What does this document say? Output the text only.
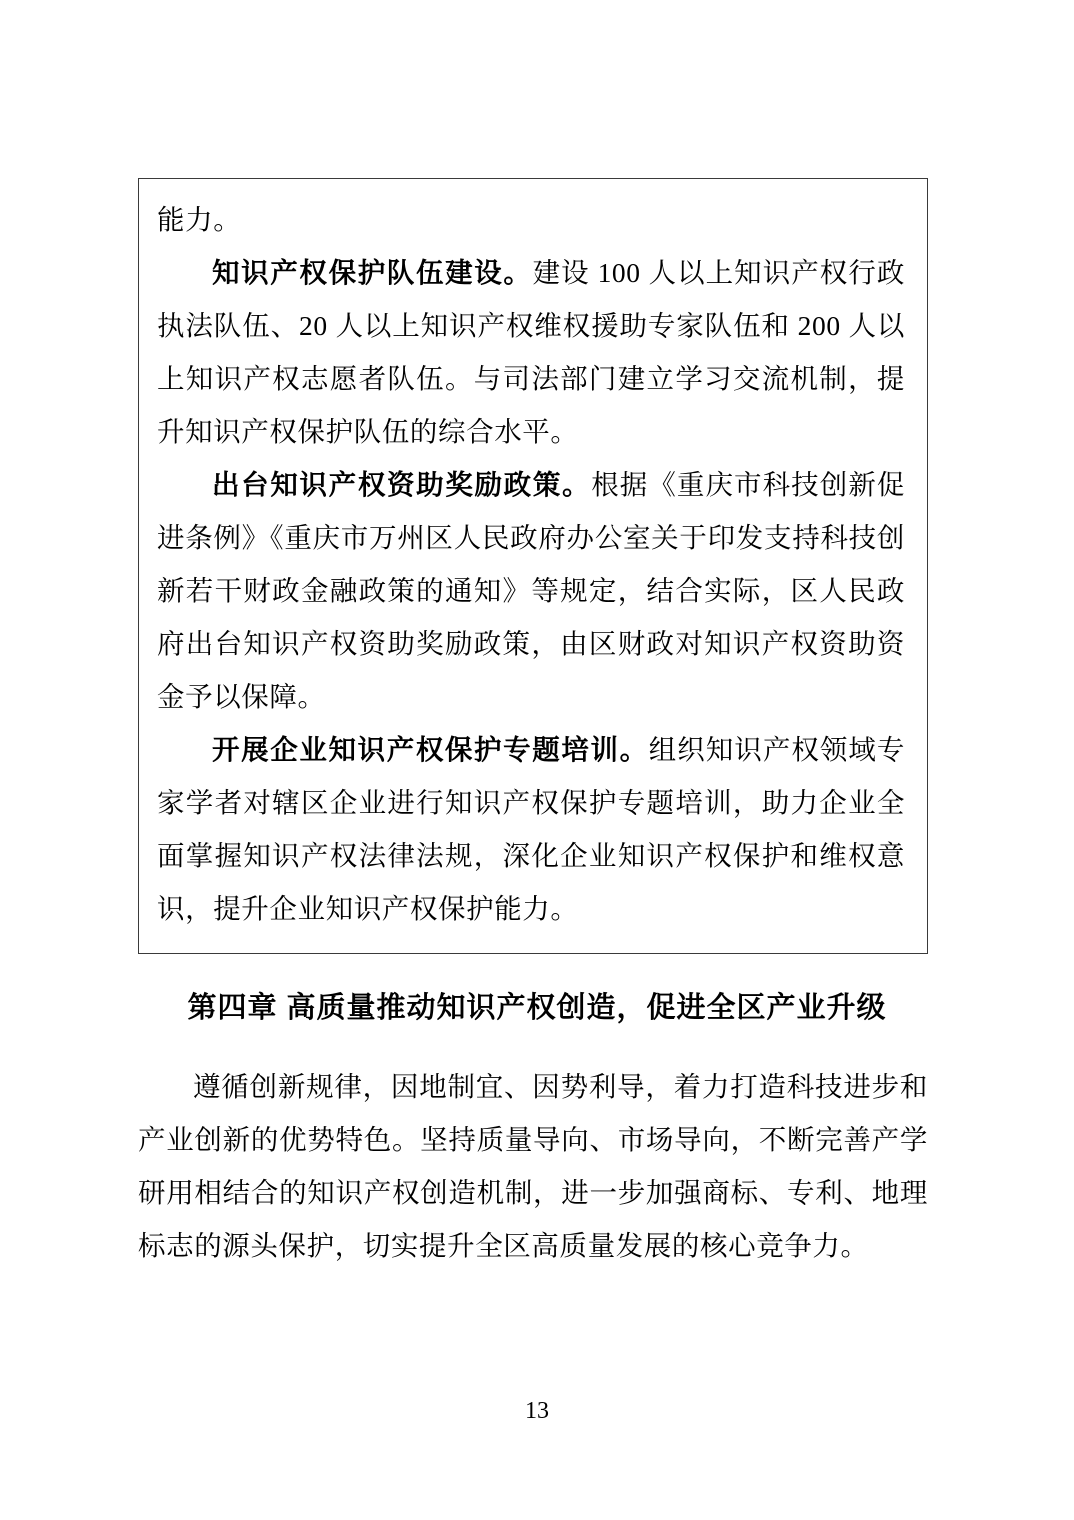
能力。

知识产权保护队伍建设。建设 100 人以上知识产权行政执法队伍、20 人以上知识产权维权援助专家队伍和 200 人以上知识产权志愿者队伍。与司法部门建立学习交流机制，提升知识产权保护队伍的综合水平。

出台知识产权资助奖励政策。根据《重庆市科技创新促进条例》《重庆市万州区人民政府办公室关于印发支持科技创新若干财政金融政策的通知》等规定，结合实际，区人民政府出台知识产权资助奖励政策，由区财政对知识产权资助资金予以保障。

开展企业知识产权保护专题培训。组织知识产权领域专家学者对辖区企业进行知识产权保护专题培训，助力企业全面掌握知识产权法律法规，深化企业知识产权保护和维权意识，提升企业知识产权保护能力。

第四章 高质量推动知识产权创造，促进全区产业升级

遵循创新规律，因地制宜、因势利导，着力打造科技进步和产业创新的优势特色。坚持质量导向、市场导向，不断完善产学研用相结合的知识产权创造机制，进一步加强商标、专利、地理标志的源头保护，切实提升全区高质量发展的核心竞争力。

13
